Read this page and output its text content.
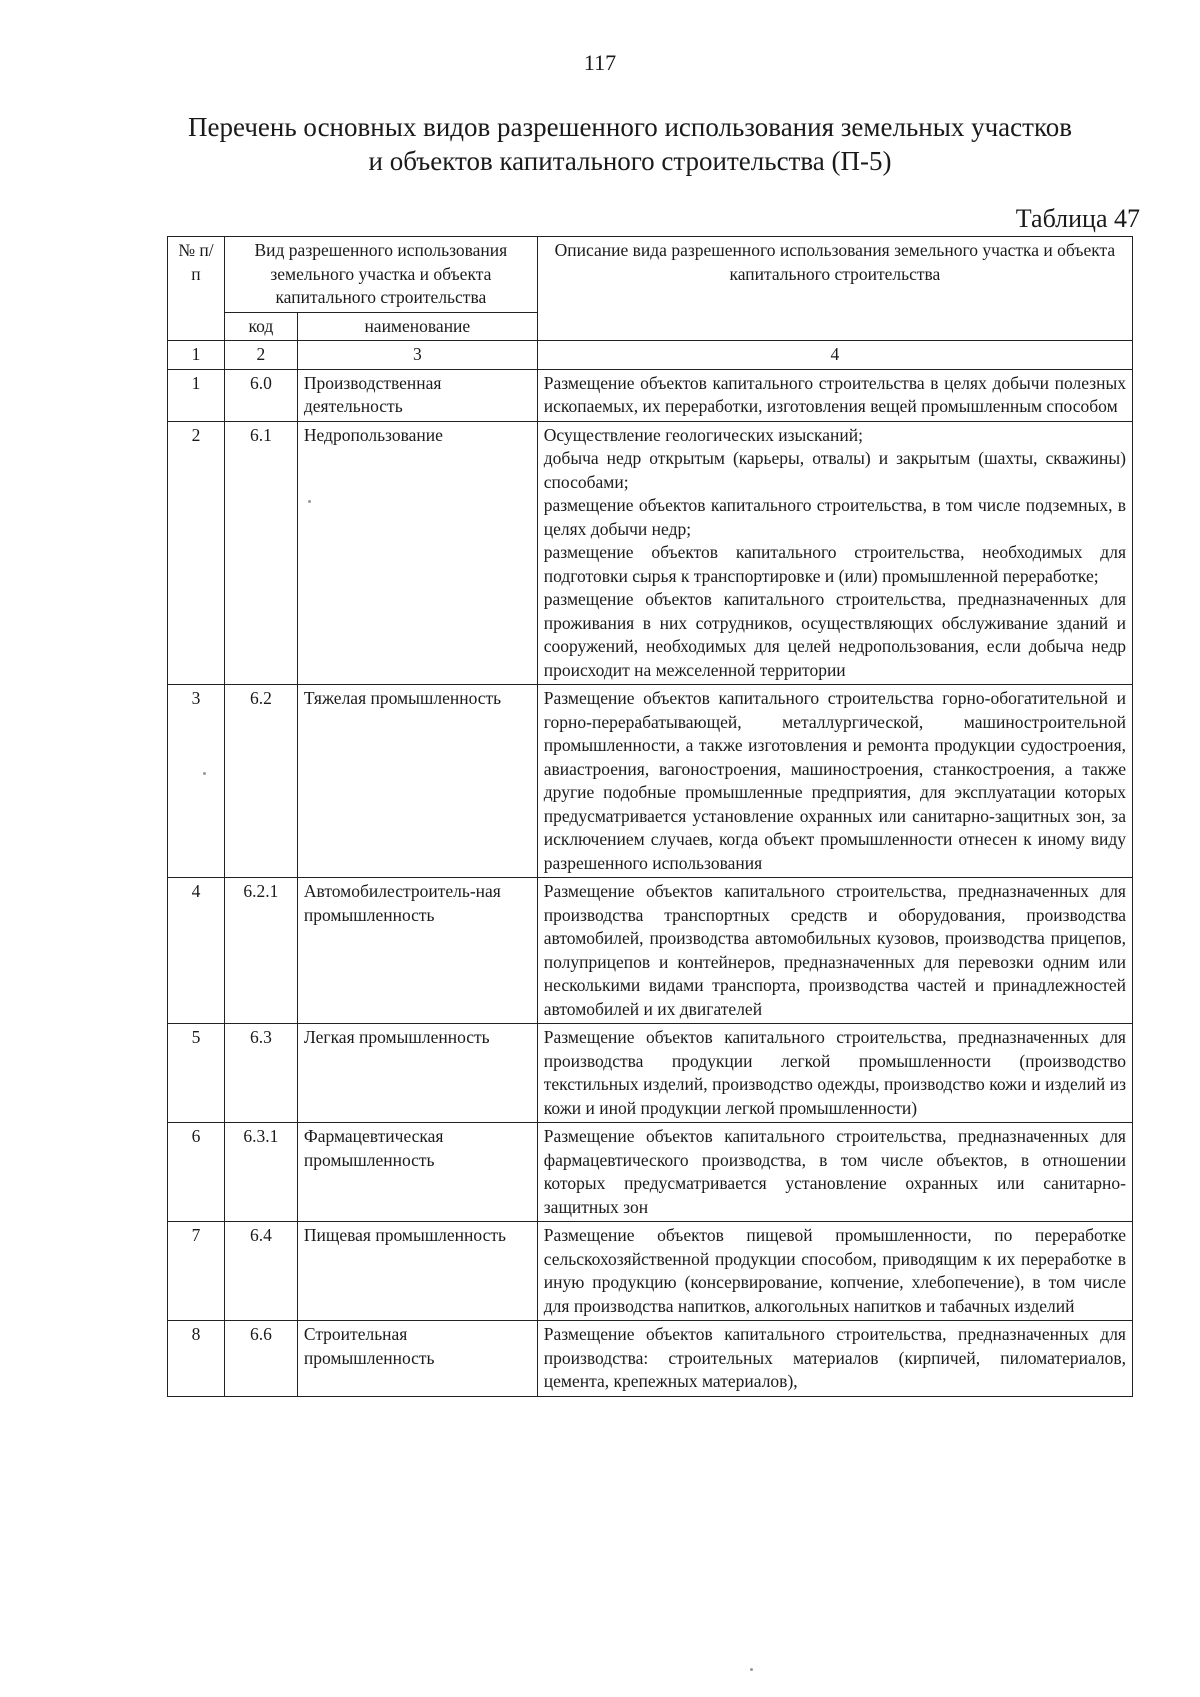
117
Перечень основных видов разрешенного использования земельных участков
и объектов капитального строительства (П-5)
Таблица 47
№ п/п	Вид разрешенного использования земельного участка и объекта капитального строительства		Описание вида разрешенного использования земельного участка и объекта капитального строительства
	код	наименование	
1	2	3	4
1	6.0	Производственная деятельность	Размещение объектов капитального строительства в целях добычи полезных ископаемых, их переработки, изготовления вещей промышленным способом

2	6.1	Недропользование	Осуществление геологических изысканий;
добыча недр открытым (карьеры, отвалы) и закрытым (шахты, скважины) способами;
размещение объектов капитального строительства, в том числе подземных, в целях добычи недр;
размещение объектов капитального строительства, необходимых для подготовки сырья к транспортировке и (или) промышленной переработке;
размещение объектов капитального строительства, предназначенных для проживания в них сотрудников, осуществляющих обслуживание зданий и сооружений, необходимых для целей недропользования, если добыча недр происходит на межселенной территории

3	6.2	Тяжелая промышленность	Размещение объектов капитального строительства горно-обогатительной и горно-перерабатывающей, металлургической, машиностроительной промышленности, а также изготовления и ремонта продукции судостроения, авиастроения, вагоностроения, машиностроения, станкостроения, а также другие подобные промышленные предприятия, для эксплуатации которых предусматривается установление охранных или санитарно-защитных зон, за исключением случаев, когда объект промышленности отнесен к иному виду разрешенного использования

4	6.2.1	Автомобилестроитель-ная промышленность	Размещение объектов капитального строительства, предназначенных для производства транспортных средств и оборудования, производства автомобилей, производства автомобильных кузовов, производства прицепов, полуприцепов и контейнеров, предназначенных для перевозки одним или несколькими видами транспорта, производства частей и принадлежностей автомобилей и их двигателей

5	6.3	Легкая промышленность	Размещение объектов капитального строительства, предназначенных для производства продукции легкой промышленности (производство текстильных изделий, производство одежды, производство кожи и изделий из кожи и иной продукции легкой промышленности)

6	6.3.1	Фармацевтическая промышленность	Размещение объектов капитального строительства, предназначенных для фармацевтического производства, в том числе объектов, в отношении которых предусматривается установление охранных или санитарно-защитных зон

7	6.4	Пищевая промышленность	Размещение объектов пищевой промышленности, по переработке сельскохозяйственной продукции способом, приводящим к их переработке в иную продукцию (консервирование, копчение, хлебопечение), в том числе для производства напитков, алкогольных напитков и табачных изделий

8	6.6	Строительная промышленность	Размещение объектов капитального строительства, предназначенных для производства: строительных материалов (кирпичей, пиломатериалов, цемента, крепежных материалов),
